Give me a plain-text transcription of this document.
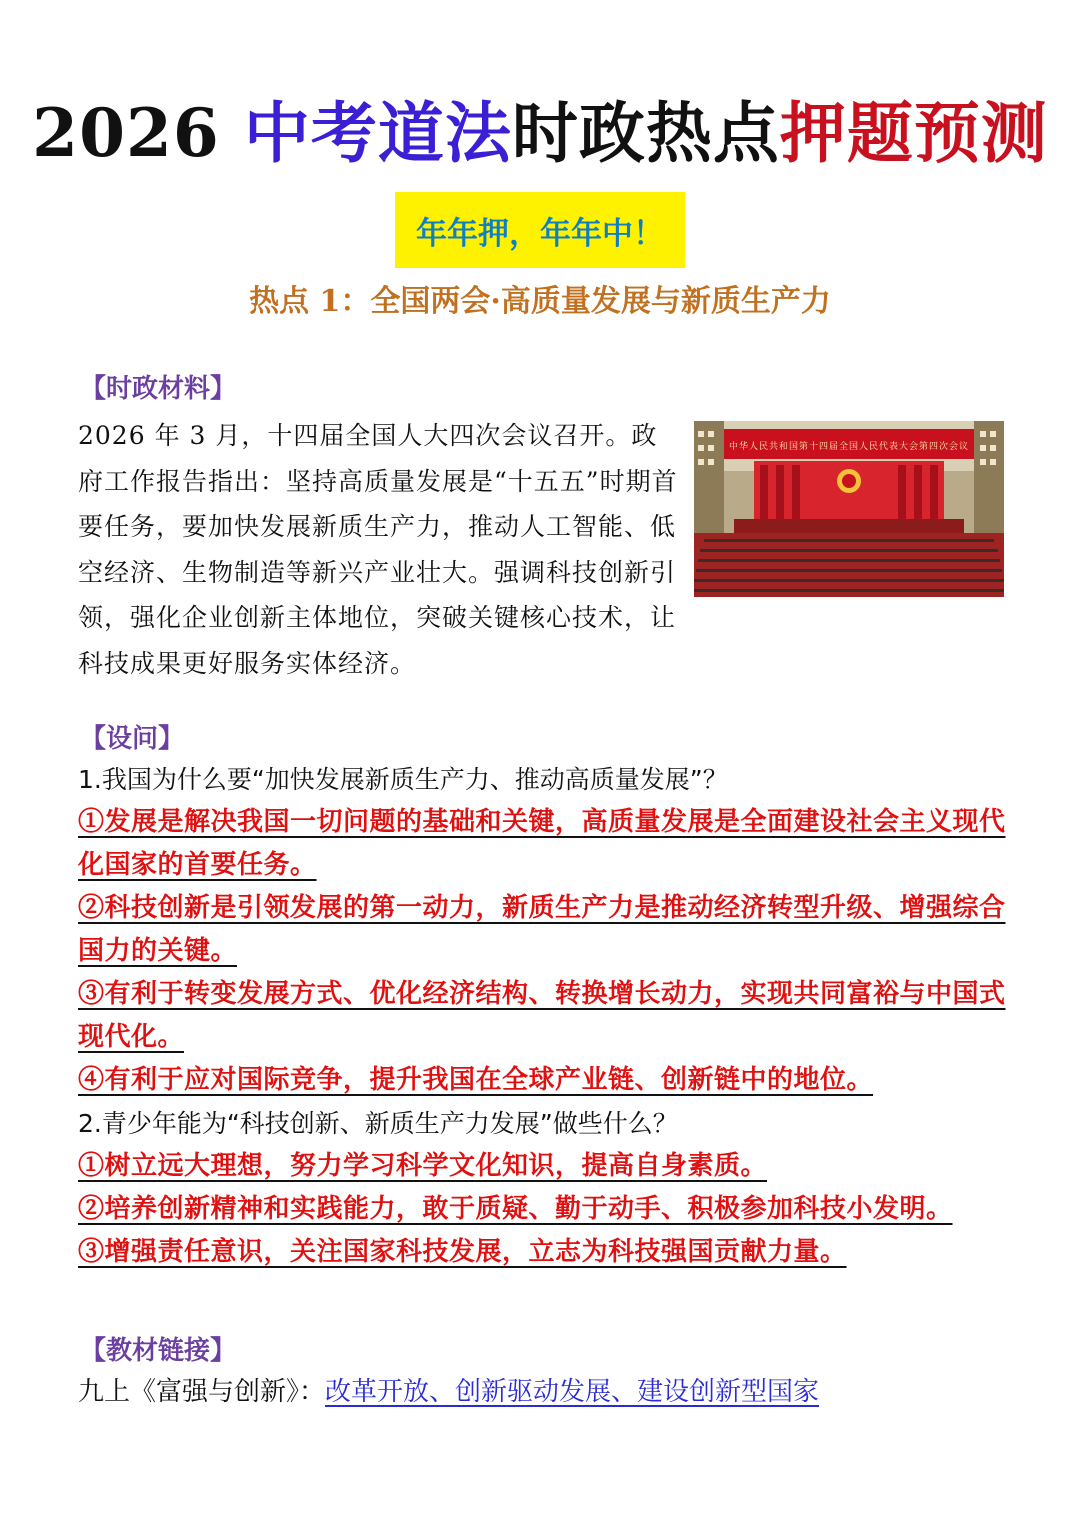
2026 中考道法时政热点押题预测
年年押，年年中！
热点 1：全国两会·高质量发展与新质生产力
【时政材料】
中华人民共和国第十四届全国人民代表大会第四次会议

2026 年 3 月，十四届全国人大四次会议召开。政府工作报告指出：坚持高质量发展是“十五五”时期首要任务，要加快发展新质生产力，推动人工智能、低空经济、生物制造等新兴产业壮大。强调科技创新引领，强化企业创新主体地位，突破关键核心技术，让科技成果更好服务实体经济。

【设问】
1.我国为什么要“加快发展新质生产力、推动高质量发展”？
①发展是解决我国一切问题的基础和关键，高质量发展是全面建设社会主义现代化国家的首要任务。
②科技创新是引领发展的第一动力，新质生产力是推动经济转型升级、增强综合国力的关键。
③有利于转变发展方式、优化经济结构、转换增长动力，实现共同富裕与中国式现代化。
④有利于应对国际竞争，提升我国在全球产业链、创新链中的地位。
2.青少年能为“科技创新、新质生产力发展”做些什么？
①树立远大理想，努力学习科学文化知识，提高自身素质。
②培养创新精神和实践能力，敢于质疑、勤于动手、积极参加科技小发明。
③增强责任意识，关注国家科技发展，立志为科技强国贡献力量。
【教材链接】
九上《富强与创新》：改革开放、创新驱动发展、建设创新型国家
